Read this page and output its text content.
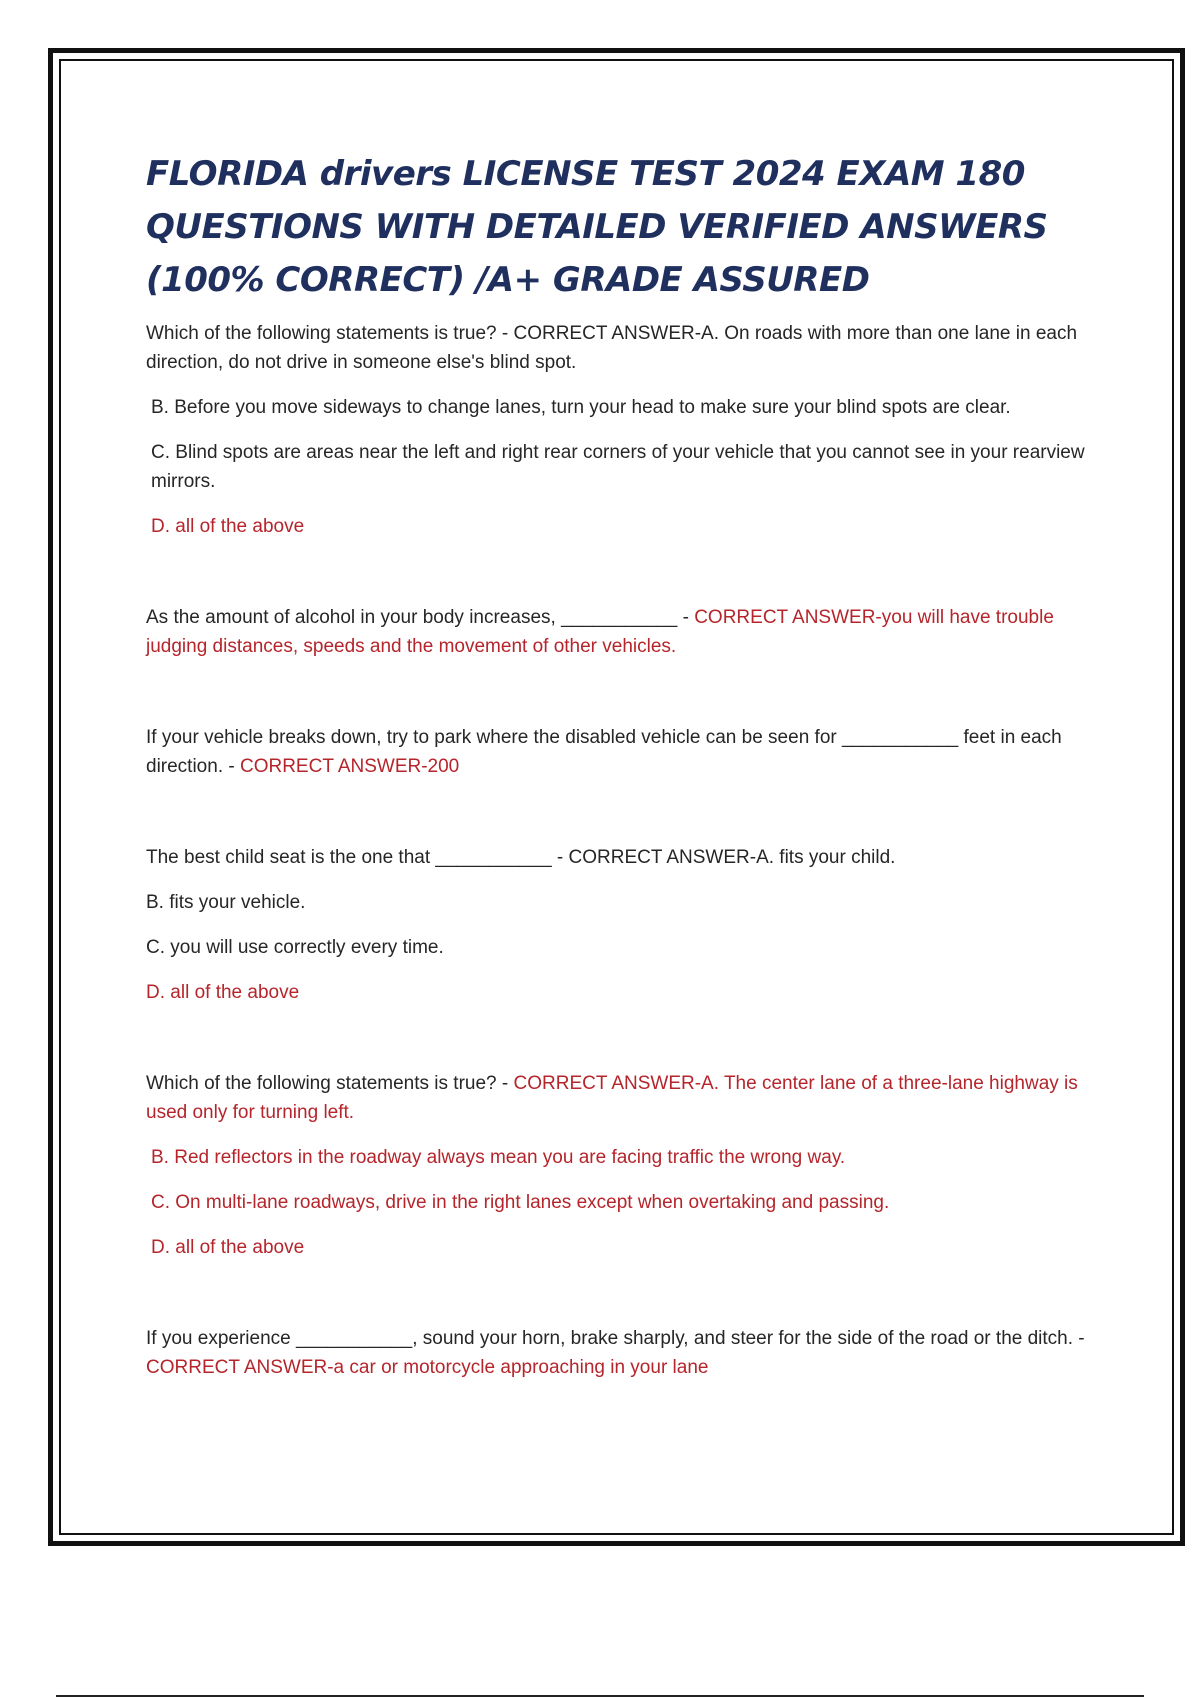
FLORIDA drivers LICENSE TEST 2024 EXAM 180 QUESTIONS WITH DETAILED VERIFIED ANSWERS (100% CORRECT) /A+ GRADE ASSURED

Which of the following statements is true? - CORRECT ANSWER-A. On roads with more than one lane in each direction, do not drive in someone else's blind spot.

B. Before you move sideways to change lanes, turn your head to make sure your blind spots are clear.

C. Blind spots are areas near the left and right rear corners of your vehicle that you cannot see in your rearview mirrors.

D. all of the above

As the amount of alcohol in your body increases, ___________ - CORRECT ANSWER-you will have trouble judging distances, speeds and the movement of other vehicles.

If your vehicle breaks down, try to park where the disabled vehicle can be seen for ___________ feet in each direction. - CORRECT ANSWER-200

The best child seat is the one that ___________ - CORRECT ANSWER-A. fits your child.

B. fits your vehicle.

C. you will use correctly every time.

D. all of the above

Which of the following statements is true? - CORRECT ANSWER-A. The center lane of a three-lane highway is used only for turning left.

B. Red reflectors in the roadway always mean you are facing traffic the wrong way.

C. On multi-lane roadways, drive in the right lanes except when overtaking and passing.

D. all of the above

If you experience ___________, sound your horn, brake sharply, and steer for the side of the road or the ditch. - CORRECT ANSWER-a car or motorcycle approaching in your lane
